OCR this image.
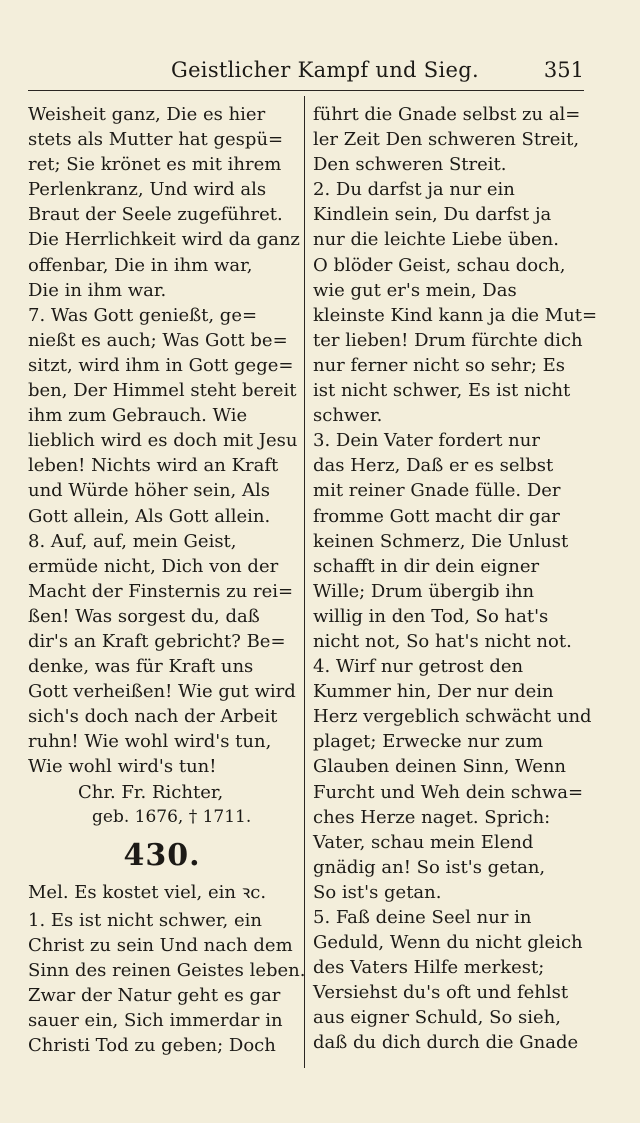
Geistlicher Kampf und Sieg.	351
Weisheit ganz, Die es hier
stets als Mutter hat gespü=
ret; Sie krönet es mit ihrem
Perlenkranz, Und wird als
Braut der Seele zugeführet.
Die Herrlichkeit wird da ganz
offenbar, Die in ihm war,
Die in ihm war.
7. Was Gott genießt, ge=
nießt es auch; Was Gott be=
sitzt, wird ihm in Gott gege=
ben, Der Himmel steht bereit
ihm zum Gebrauch. Wie
lieblich wird es doch mit Jesu
leben! Nichts wird an Kraft
und Würde höher sein, Als
Gott allein, Als Gott allein.
8. Auf, auf, mein Geist,
ermüde nicht, Dich von der
Macht der Finsternis zu rei=
ßen! Was sorgest du, daß
dir's an Kraft gebricht? Be=
denke, was für Kraft uns
Gott verheißen! Wie gut wird
sich's doch nach der Arbeit
ruhn! Wie wohl wird's tun,
Wie wohl wird's tun!
Chr. Fr. Richter,
geb. 1676, † 1711.
430.
Mel. Es kostet viel, ein ꝛc.
1. Es ist nicht schwer, ein
Christ zu sein Und nach dem
Sinn des reinen Geistes leben.
Zwar der Natur geht es gar
sauer ein, Sich immerdar in
Christi Tod zu geben; Doch
führt die Gnade selbst zu al=
ler Zeit Den schweren Streit,
Den schweren Streit.
2. Du darfst ja nur ein
Kindlein sein, Du darfst ja
nur die leichte Liebe üben.
O blöder Geist, schau doch,
wie gut er's mein, Das
kleinste Kind kann ja die Mut=
ter lieben! Drum fürchte dich
nur ferner nicht so sehr; Es
ist nicht schwer, Es ist nicht
schwer.
3. Dein Vater fordert nur
das Herz, Daß er es selbst
mit reiner Gnade fülle. Der
fromme Gott macht dir gar
keinen Schmerz, Die Unlust
schafft in dir dein eigner
Wille; Drum übergib ihn
willig in den Tod, So hat's
nicht not, So hat's nicht not.
4. Wirf nur getrost den
Kummer hin, Der nur dein
Herz vergeblich schwächt und
plaget; Erwecke nur zum
Glauben deinen Sinn, Wenn
Furcht und Weh dein schwa=
ches Herze naget. Sprich:
Vater, schau mein Elend
gnädig an! So ist's getan,
So ist's getan.
5. Faß deine Seel nur in
Geduld, Wenn du nicht gleich
des Vaters Hilfe merkest;
Versiehst du's oft und fehlst
aus eigner Schuld, So sieh,
daß du dich durch die Gnade
